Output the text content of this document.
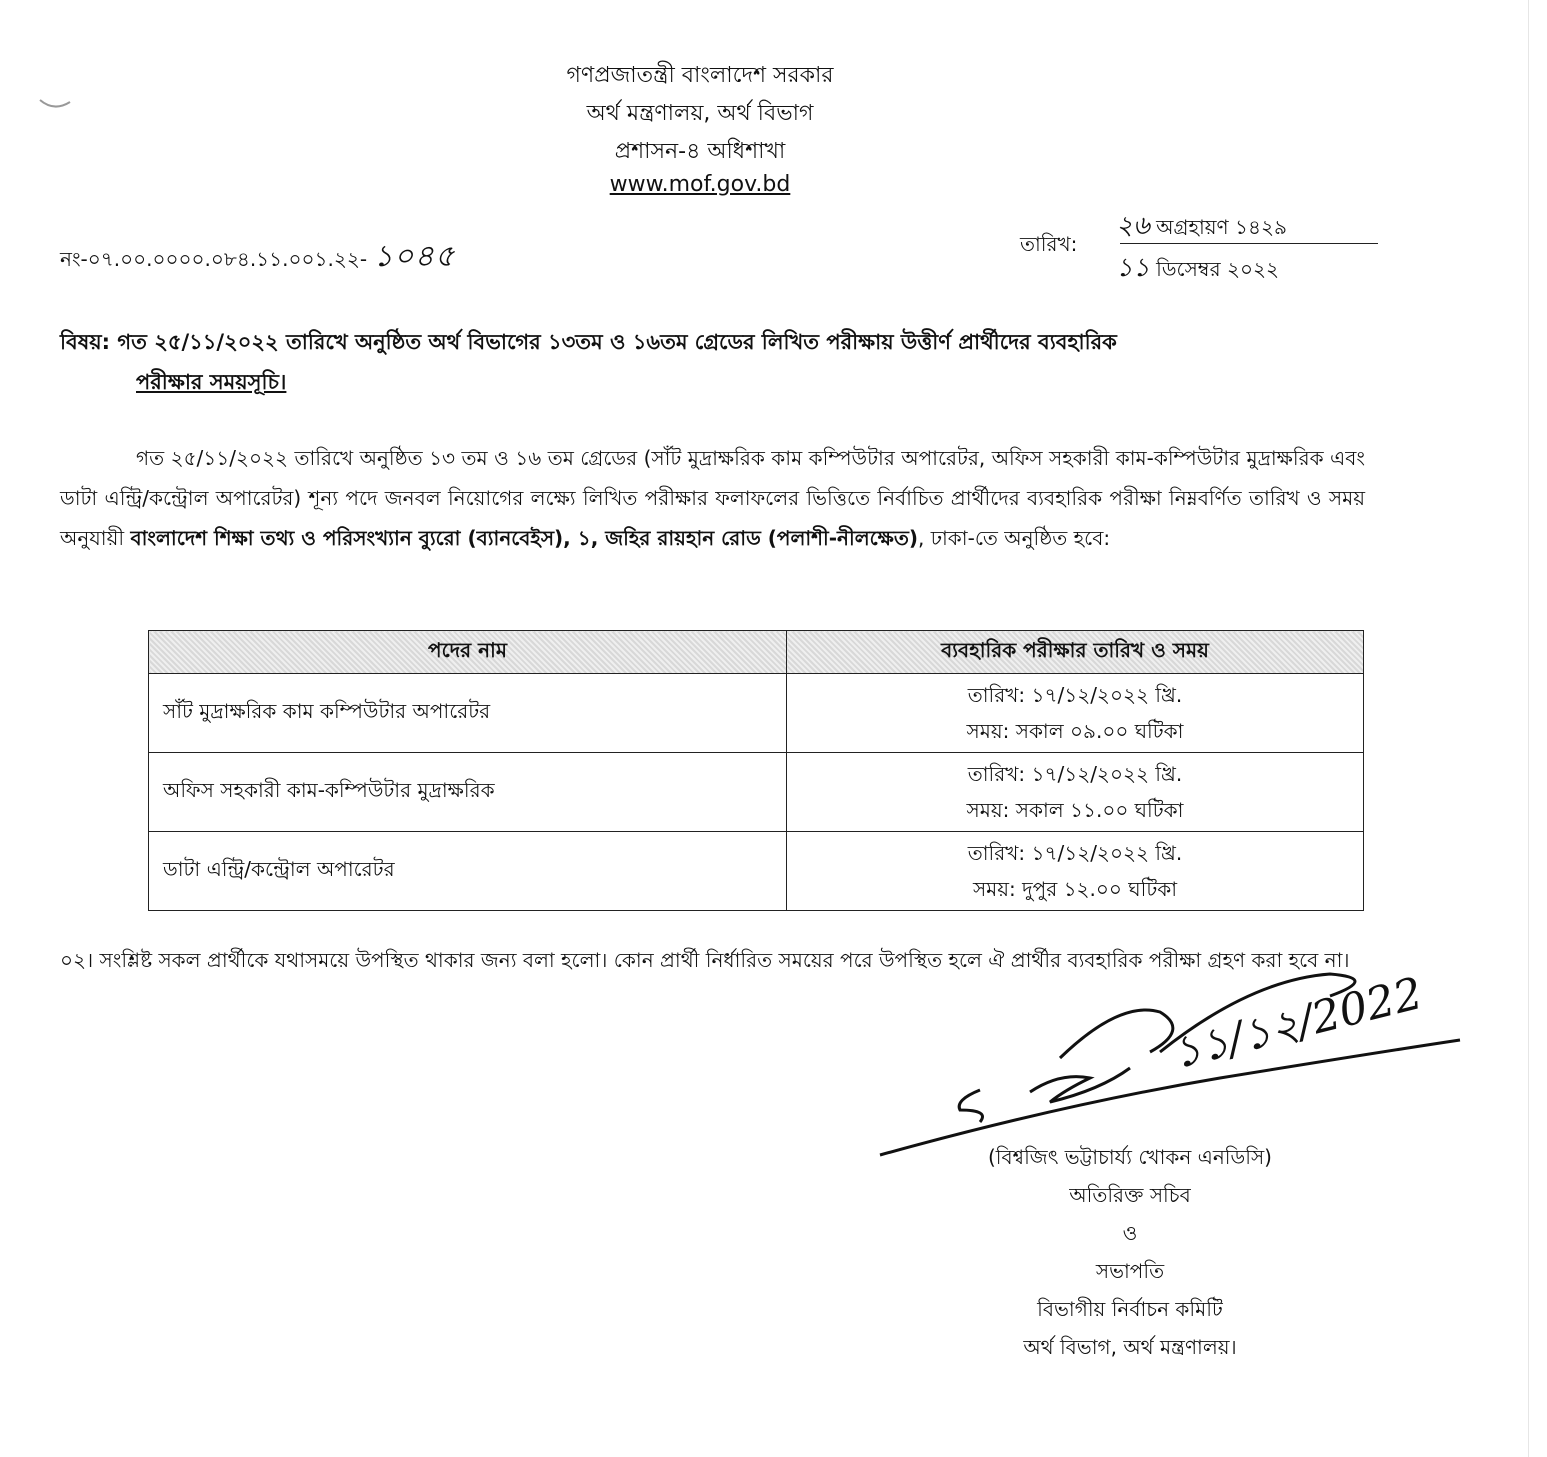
গণপ্রজাতন্ত্রী বাংলাদেশ সরকার
অর্থ মন্ত্রণালয়, অর্থ বিভাগ
প্রশাসন-৪ অধিশাখা
www.mof.gov.bd
নং-০৭.০০.০০০০.০৮৪.১১.০০১.২২- ১০৪৫	তারিখ:
২৬ অগ্রহায়ণ ১৪২৯
১১ ডিসেম্বর ২০২২
বিষয়: গত ২৫/১১/২০২২ তারিখে অনুষ্ঠিত অর্থ বিভাগের ১৩তম ও ১৬তম গ্রেডের লিখিত পরীক্ষায় উত্তীর্ণ প্রার্থীদের ব্যবহারিক
পরীক্ষার সময়সূচি।
গত ২৫/১১/২০২২ তারিখে অনুষ্ঠিত ১৩ তম ও ১৬ তম গ্রেডের (সাঁট মুদ্রাক্ষরিক কাম কম্পিউটার অপারেটর, অফিস সহকারী কাম-কম্পিউটার মুদ্রাক্ষরিক এবং ডাটা এন্ট্রি/কন্ট্রোল অপারেটর) শূন্য পদে জনবল নিয়োগের লক্ষ্যে লিখিত পরীক্ষার ফলাফলের ভিত্তিতে নির্বাচিত প্রার্থীদের ব্যবহারিক পরীক্ষা নিম্নবর্ণিত তারিখ ও সময় অনুযায়ী বাংলাদেশ শিক্ষা তথ্য ও পরিসংখ্যান ব্যুরো (ব্যানবেইস), ১, জহির রায়হান রোড (পলাশী-নীলক্ষেত), ঢাকা-তে অনুষ্ঠিত হবে:
পদের নাম	ব্যবহারিক পরীক্ষার তারিখ ও সময়
সাঁট মুদ্রাক্ষরিক কাম কম্পিউটার অপারেটর	তারিখ: ১৭/১২/২০২২ খ্রি.
সময়: সকাল ০৯.০০ ঘটিকা

অফিস সহকারী কাম-কম্পিউটার মুদ্রাক্ষরিক	তারিখ: ১৭/১২/২০২২ খ্রি.
সময়: সকাল ১১.০০ ঘটিকা

ডাটা এন্ট্রি/কন্ট্রোল অপারেটর	তারিখ: ১৭/১২/২০২২ খ্রি.
সময়: দুপুর ১২.০০ ঘটিকা
০২। সংশ্লিষ্ট সকল প্রার্থীকে যথাসময়ে উপস্থিত থাকার জন্য বলা হলো। কোন প্রার্থী নির্ধারিত সময়ের পরে উপস্থিত হলে ঐ প্রার্থীর ব্যবহারিক পরীক্ষা গ্রহণ করা হবে না।
১১/১২/2022
(বিশ্বজিৎ ভট্টাচার্য্য খোকন এনডিসি)
অতিরিক্ত সচিব
ও
সভাপতি
বিভাগীয় নির্বাচন কমিটি
অর্থ বিভাগ, অর্থ মন্ত্রণালয়।
